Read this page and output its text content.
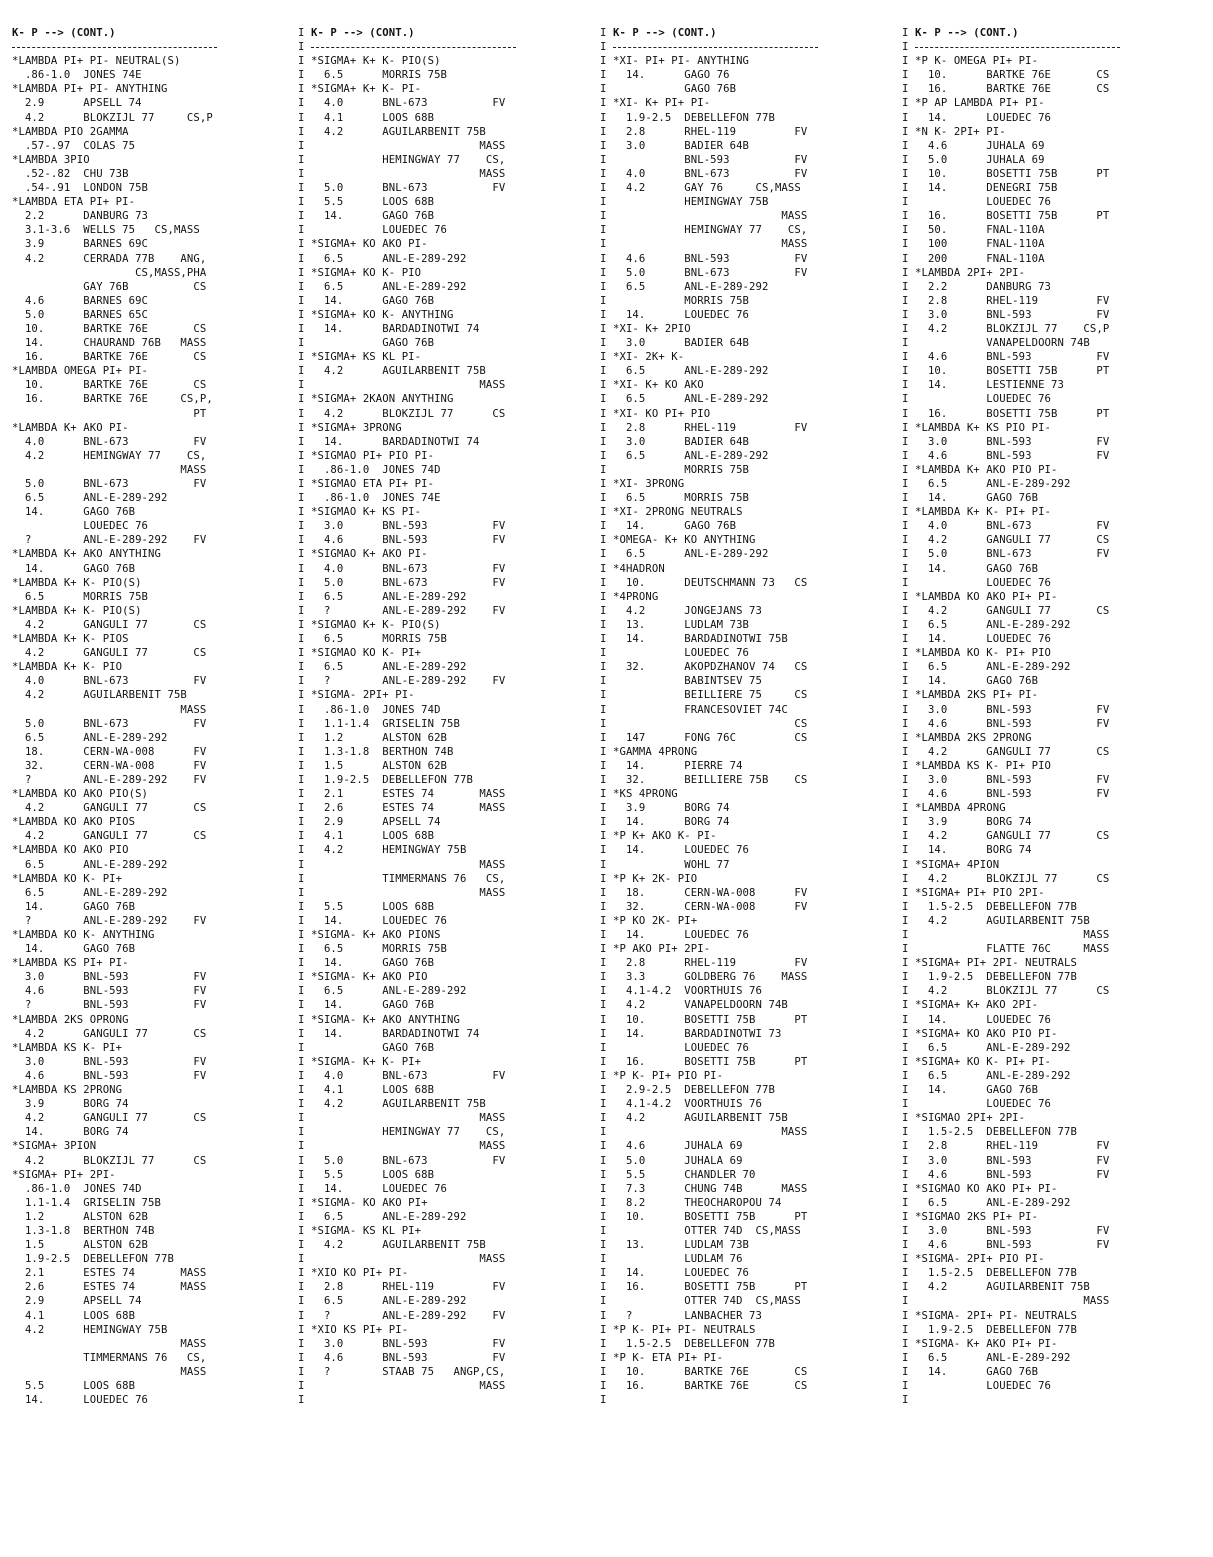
K- P --> (CONT.)
*LAMBDA PI+ PI- NEUTRAL(S)
.86-1.0  JONES 74E
*LAMBDA PI+ PI- ANYTHING
2.9      APSELL 74
4.2      BLOKZIJL 77     CS,P
*LAMBDA PIO 2GAMMA
.57-.97  COLAS 75
*LAMBDA 3PIO
.52-.82  CHU 73B
.54-.91  LONDON 75B
*LAMBDA ETA PI+ PI-
2.2      DANBURG 73
3.1-3.6  WELLS 75   CS,MASS
3.9      BARNES 69C
4.2      CERRADA 77B    ANG,
CS,MASS,PHA
GAY 76B          CS
4.6      BARNES 69C
5.0      BARNES 65C
10.      BARTKE 76E       CS
14.      CHAURAND 76B   MASS
16.      BARTKE 76E       CS
*LAMBDA OMEGA PI+ PI-
10.      BARTKE 76E       CS
16.      BARTKE 76E     CS,P,
PT
*LAMBDA K+ AKO PI-
4.0      BNL-673          FV
4.2      HEMINGWAY 77    CS,
MASS
5.0      BNL-673          FV
6.5      ANL-E-289-292
14.      GAGO 76B
LOUEDEC 76
?        ANL-E-289-292    FV
*LAMBDA K+ AKO ANYTHING
14.      GAGO 76B
*LAMBDA K+ K- PIO(S)
6.5      MORRIS 75B
*LAMBDA K+ K- PIO(S)
4.2      GANGULI 77       CS
*LAMBDA K+ K- PIOS
4.2      GANGULI 77       CS
*LAMBDA K+ K- PIO
4.0      BNL-673          FV
4.2      AGUILARBENIT 75B
MASS
5.0      BNL-673          FV
6.5      ANL-E-289-292
18.      CERN-WA-008      FV
32.      CERN-WA-008      FV
?        ANL-E-289-292    FV
*LAMBDA KO AKO PIO(S)
4.2      GANGULI 77       CS
*LAMBDA KO AKO PIOS
4.2      GANGULI 77       CS
*LAMBDA KO AKO PIO
6.5      ANL-E-289-292
*LAMBDA KO K- PI+
6.5      ANL-E-289-292
14.      GAGO 76B
?        ANL-E-289-292    FV
*LAMBDA KO K- ANYTHING
14.      GAGO 76B
*LAMBDA KS PI+ PI-
3.0      BNL-593          FV
4.6      BNL-593          FV
?        BNL-593          FV
*LAMBDA 2KS OPRONG
4.2      GANGULI 77       CS
*LAMBDA KS K- PI+
3.0      BNL-593          FV
4.6      BNL-593          FV
*LAMBDA KS 2PRONG
3.9      BORG 74
4.2      GANGULI 77       CS
14.      BORG 74
*SIGMA+ 3PION
4.2      BLOKZIJL 77      CS
*SIGMA+ PI+ 2PI-
.86-1.0  JONES 74D
1.1-1.4  GRISELIN 75B
1.2      ALSTON 62B
1.3-1.8  BERTHON 74B
1.5      ALSTON 62B
1.9-2.5  DEBELLEFON 77B
2.1      ESTES 74       MASS
2.6      ESTES 74       MASS
2.9      APSELL 74
4.1      LOOS 68B
4.2      HEMINGWAY 75B
MASS
TIMMERMANS 76   CS,
MASS
5.5      LOOS 68B
14.      LOUEDEC 76
I
I
I
I
I
I
I
I
I
I
I
I
I
I
I
I
I
I
I
I
I
I
I
I
I
I
I
I
I
I
I
I
I
I
I
I
I
I
I
I
I
I
I
I
I
I
I
I
I
I
I
I
I
I
I
I
I
I
I
I
I
I
I
I
I
I
I
I
I
I
I
I
I
I
I
I
I
I
I
I
I
I
I
I
I
I
I
I
I
I
I
I
I
I
I
I
I
I
K- P --> (CONT.)
*SIGMA+ K+ K- PIO(S)
6.5      MORRIS 75B
*SIGMA+ K+ K- PI-
4.0      BNL-673          FV
4.1      LOOS 68B
4.2      AGUILARBENIT 75B
MASS
HEMINGWAY 77    CS,
MASS
5.0      BNL-673          FV
5.5      LOOS 68B
14.      GAGO 76B
LOUEDEC 76
*SIGMA+ KO AKO PI-
6.5      ANL-E-289-292
*SIGMA+ KO K- PIO
6.5      ANL-E-289-292
14.      GAGO 76B
*SIGMA+ KO K- ANYTHING
14.      BARDADINOTWI 74
GAGO 76B
*SIGMA+ KS KL PI-
4.2      AGUILARBENIT 75B
MASS
*SIGMA+ 2KAON ANYTHING
4.2      BLOKZIJL 77      CS
*SIGMA+ 3PRONG
14.      BARDADINOTWI 74
*SIGMAO PI+ PIO PI-
.86-1.0  JONES 74D
*SIGMAO ETA PI+ PI-
.86-1.0  JONES 74E
*SIGMAO K+ KS PI-
3.0      BNL-593          FV
4.6      BNL-593          FV
*SIGMAO K+ AKO PI-
4.0      BNL-673          FV
5.0      BNL-673          FV
6.5      ANL-E-289-292
?        ANL-E-289-292    FV
*SIGMAO K+ K- PIO(S)
6.5      MORRIS 75B
*SIGMAO KO K- PI+
6.5      ANL-E-289-292
?        ANL-E-289-292    FV
*SIGMA- 2PI+ PI-
.86-1.0  JONES 74D
1.1-1.4  GRISELIN 75B
1.2      ALSTON 62B
1.3-1.8  BERTHON 74B
1.5      ALSTON 62B
1.9-2.5  DEBELLEFON 77B
2.1      ESTES 74       MASS
2.6      ESTES 74       MASS
2.9      APSELL 74
4.1      LOOS 68B
4.2      HEMINGWAY 75B
MASS
TIMMERMANS 76   CS,
MASS
5.5      LOOS 68B
14.      LOUEDEC 76
*SIGMA- K+ AKO PIONS
6.5      MORRIS 75B
14.      GAGO 76B
*SIGMA- K+ AKO PIO
6.5      ANL-E-289-292
14.      GAGO 76B
*SIGMA- K+ AKO ANYTHING
14.      BARDADINOTWI 74
GAGO 76B
*SIGMA- K+ K- PI+
4.0      BNL-673          FV
4.1      LOOS 68B
4.2      AGUILARBENIT 75B
MASS
HEMINGWAY 77    CS,
MASS
5.0      BNL-673          FV
5.5      LOOS 68B
14.      LOUEDEC 76
*SIGMA- KO AKO PI+
6.5      ANL-E-289-292
*SIGMA- KS KL PI+
4.2      AGUILARBENIT 75B
MASS
*XIO KO PI+ PI-
2.8      RHEL-119         FV
6.5      ANL-E-289-292
?        ANL-E-289-292    FV
*XIO KS PI+ PI-
3.0      BNL-593          FV
4.6      BNL-593          FV
?        STAAB 75   ANGP,CS,
MASS
I
I
I
I
I
I
I
I
I
I
I
I
I
I
I
I
I
I
I
I
I
I
I
I
I
I
I
I
I
I
I
I
I
I
I
I
I
I
I
I
I
I
I
I
I
I
I
I
I
I
I
I
I
I
I
I
I
I
I
I
I
I
I
I
I
I
I
I
I
I
I
I
I
I
I
I
I
I
I
I
I
I
I
I
I
I
I
I
I
I
I
I
I
I
I
I
I
I
K- P --> (CONT.)
*XI- PI+ PI- ANYTHING
14.      GAGO 76
GAGO 76B
*XI- K+ PI+ PI-
1.9-2.5  DEBELLEFON 77B
2.8      RHEL-119         FV
3.0      BADIER 64B
BNL-593          FV
4.0      BNL-673          FV
4.2      GAY 76     CS,MASS
HEMINGWAY 75B
MASS
HEMINGWAY 77    CS,
MASS
4.6      BNL-593          FV
5.0      BNL-673          FV
6.5      ANL-E-289-292
MORRIS 75B
14.      LOUEDEC 76
*XI- K+ 2PIO
3.0      BADIER 64B
*XI- 2K+ K-
6.5      ANL-E-289-292
*XI- K+ KO AKO
6.5      ANL-E-289-292
*XI- KO PI+ PIO
2.8      RHEL-119         FV
3.0      BADIER 64B
6.5      ANL-E-289-292
MORRIS 75B
*XI- 3PRONG
6.5      MORRIS 75B
*XI- 2PRONG NEUTRALS
14.      GAGO 76B
*OMEGA- K+ KO ANYTHING
6.5      ANL-E-289-292
*4HADRON
10.      DEUTSCHMANN 73   CS
*4PRONG
4.2      JONGEJANS 73
13.      LUDLAM 73B
14.      BARDADINOTWI 75B
LOUEDEC 76
32.      AKOPDZHANOV 74   CS
BABINTSEV 75
BEILLIERE 75     CS
FRANCESOVIET 74C
CS
147      FONG 76C         CS
*GAMMA 4PRONG
14.      PIERRE 74
32.      BEILLIERE 75B    CS
*KS 4PRONG
3.9      BORG 74
14.      BORG 74
*P K+ AKO K- PI-
14.      LOUEDEC 76
WOHL 77
*P K+ 2K- PIO
18.      CERN-WA-008      FV
32.      CERN-WA-008      FV
*P KO 2K- PI+
14.      LOUEDEC 76
*P AKO PI+ 2PI-
2.8      RHEL-119         FV
3.3      GOLDBERG 76    MASS
4.1-4.2  VOORTHUIS 76
4.2      VANAPELDOORN 74B
10.      BOSETTI 75B      PT
14.      BARDADINOTWI 73
LOUEDEC 76
16.      BOSETTI 75B      PT
*P K- PI+ PIO PI-
2.9-2.5  DEBELLEFON 77B
4.1-4.2  VOORTHUIS 76
4.2      AGUILARBENIT 75B
MASS
4.6      JUHALA 69
5.0      JUHALA 69
5.5      CHANDLER 70
7.3      CHUNG 74B      MASS
8.2      THEOCHAROPOU 74
10.      BOSETTI 75B      PT
OTTER 74D  CS,MASS
13.      LUDLAM 73B
LUDLAM 76
14.      LOUEDEC 76
16.      BOSETTI 75B      PT
OTTER 74D  CS,MASS
?        LANBACHER 73
*P K- PI+ PI- NEUTRALS
1.5-2.5  DEBELLEFON 77B
*P K- ETA PI+ PI-
10.      BARTKE 76E       CS
16.      BARTKE 76E       CS
I
I
I
I
I
I
I
I
I
I
I
I
I
I
I
I
I
I
I
I
I
I
I
I
I
I
I
I
I
I
I
I
I
I
I
I
I
I
I
I
I
I
I
I
I
I
I
I
I
I
I
I
I
I
I
I
I
I
I
I
I
I
I
I
I
I
I
I
I
I
I
I
I
I
I
I
I
I
I
I
I
I
I
I
I
I
I
I
I
I
I
I
I
I
I
I
I
I
K- P --> (CONT.)
*P K- OMEGA PI+ PI-
10.      BARTKE 76E       CS
16.      BARTKE 76E       CS
*P AP LAMBDA PI+ PI-
14.      LOUEDEC 76
*N K- 2PI+ PI-
4.6      JUHALA 69
5.0      JUHALA 69
10.      BOSETTI 75B      PT
14.      DENEGRI 75B
LOUEDEC 76
16.      BOSETTI 75B      PT
50.      FNAL-110A
100      FNAL-110A
200      FNAL-110A
*LAMBDA 2PI+ 2PI-
2.2      DANBURG 73
2.8      RHEL-119         FV
3.0      BNL-593          FV
4.2      BLOKZIJL 77    CS,P
VANAPELDOORN 74B
4.6      BNL-593          FV
10.      BOSETTI 75B      PT
14.      LESTIENNE 73
LOUEDEC 76
16.      BOSETTI 75B      PT
*LAMBDA K+ KS PIO PI-
3.0      BNL-593          FV
4.6      BNL-593          FV
*LAMBDA K+ AKO PIO PI-
6.5      ANL-E-289-292
14.      GAGO 76B
*LAMBDA K+ K- PI+ PI-
4.0      BNL-673          FV
4.2      GANGULI 77       CS
5.0      BNL-673          FV
14.      GAGO 76B
LOUEDEC 76
*LAMBDA KO AKO PI+ PI-
4.2      GANGULI 77       CS
6.5      ANL-E-289-292
14.      LOUEDEC 76
*LAMBDA KO K- PI+ PIO
6.5      ANL-E-289-292
14.      GAGO 76B
*LAMBDA 2KS PI+ PI-
3.0      BNL-593          FV
4.6      BNL-593          FV
*LAMBDA 2KS 2PRONG
4.2      GANGULI 77       CS
*LAMBDA KS K- PI+ PIO
3.0      BNL-593          FV
4.6      BNL-593          FV
*LAMBDA 4PRONG
3.9      BORG 74
4.2      GANGULI 77       CS
14.      BORG 74
*SIGMA+ 4PION
4.2      BLOKZIJL 77      CS
*SIGMA+ PI+ PIO 2PI-
1.5-2.5  DEBELLEFON 77B
4.2      AGUILARBENIT 75B
MASS
FLATTE 76C     MASS
*SIGMA+ PI+ 2PI- NEUTRALS
1.9-2.5  DEBELLEFON 77B
4.2      BLOKZIJL 77      CS
*SIGMA+ K+ AKO 2PI-
14.      LOUEDEC 76
*SIGMA+ KO AKO PIO PI-
6.5      ANL-E-289-292
*SIGMA+ KO K- PI+ PI-
6.5      ANL-E-289-292
14.      GAGO 76B
LOUEDEC 76
*SIGMAO 2PI+ 2PI-
1.5-2.5  DEBELLEFON 77B
2.8      RHEL-119         FV
3.0      BNL-593          FV
4.6      BNL-593          FV
*SIGMAO KO AKO PI+ PI-
6.5      ANL-E-289-292
*SIGMAO 2KS PI+ PI-
3.0      BNL-593          FV
4.6      BNL-593          FV
*SIGMA- 2PI+ PIO PI-
1.5-2.5  DEBELLEFON 77B
4.2      AGUILARBENIT 75B
MASS
*SIGMA- 2PI+ PI- NEUTRALS
1.9-2.5  DEBELLEFON 77B
*SIGMA- K+ AKO PI+ PI-
6.5      ANL-E-289-292
14.      GAGO 76B
LOUEDEC 76
